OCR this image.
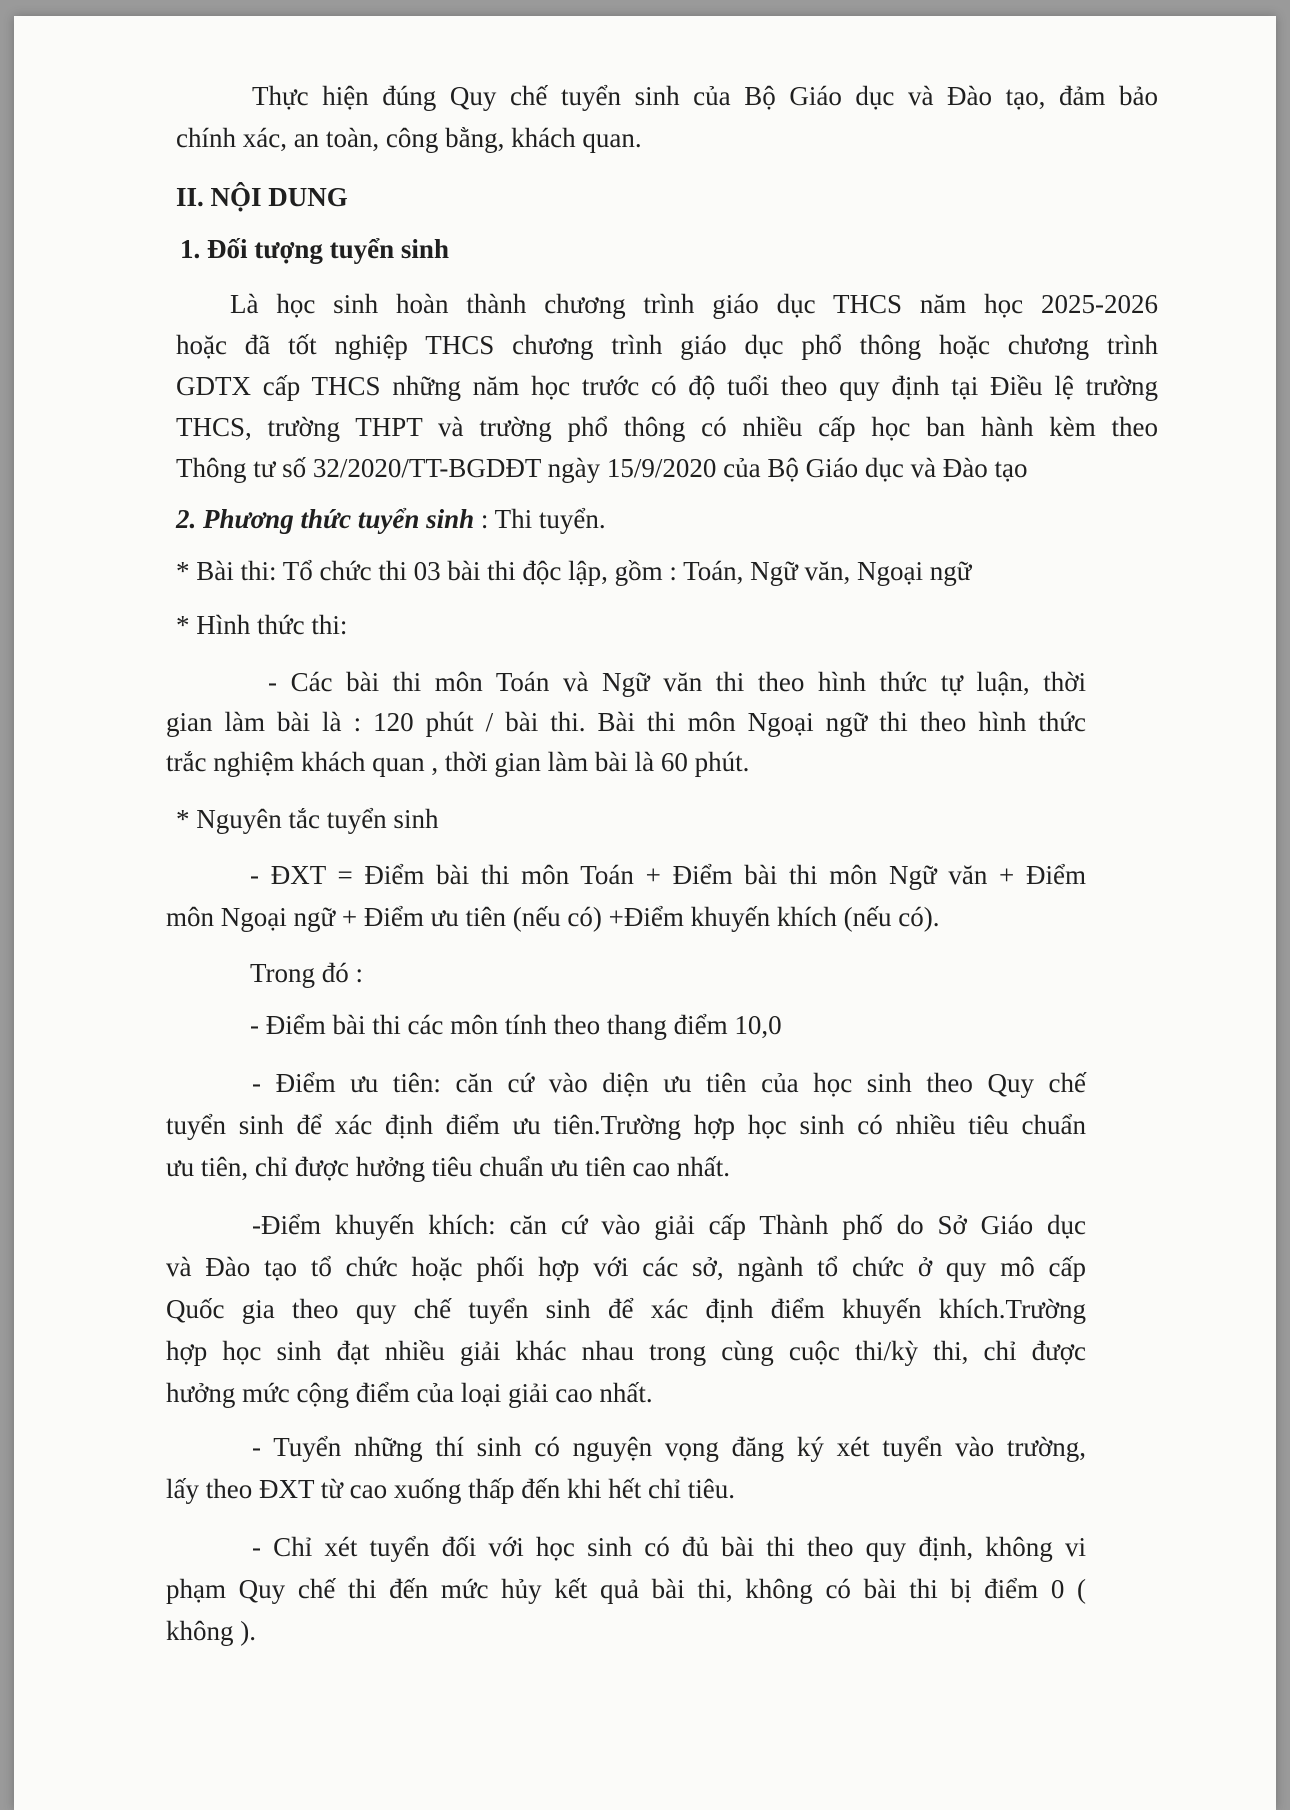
Thực hiện đúng Quy chế tuyển sinh của Bộ Giáo dục và Đào tạo, đảm bảo
chính xác, an toàn, công bằng, khách quan.
II. NỘI DUNG
1. Đối tượng tuyển sinh
Là học sinh hoàn thành chương trình giáo dục THCS năm học 2025-2026
hoặc đã tốt nghiệp THCS chương trình giáo dục phổ thông hoặc chương trình
GDTX cấp THCS những năm học trước có độ tuổi theo quy định tại Điều lệ trường
THCS, trường THPT và trường phổ thông có nhiều cấp học ban hành kèm theo
Thông tư số 32/2020/TT-BGDĐT ngày 15/9/2020 của Bộ Giáo dục và Đào tạo
2. Phương thức tuyển sinh : Thi tuyển.
* Bài thi: Tổ chức thi 03 bài thi độc lập, gồm : Toán, Ngữ văn, Ngoại ngữ
* Hình thức thi:
- Các bài thi môn Toán và Ngữ văn thi theo hình thức tự luận, thời
gian làm bài là : 120 phút / bài thi. Bài thi môn Ngoại ngữ thi theo hình thức
trắc nghiệm khách quan , thời gian làm bài là 60 phút.
* Nguyên tắc tuyển sinh
- ĐXT = Điểm bài thi môn Toán + Điểm bài thi môn Ngữ văn + Điểm
môn Ngoại ngữ + Điểm ưu tiên (nếu có) +Điểm khuyến khích (nếu có).
Trong đó :
- Điểm bài thi các môn tính theo thang điểm 10,0
- Điểm ưu tiên: căn cứ vào diện ưu tiên của học sinh theo Quy chế
tuyển sinh để xác định điểm ưu tiên.Trường hợp học sinh có nhiều tiêu chuẩn
ưu tiên, chỉ được hưởng tiêu chuẩn ưu tiên cao nhất.
-Điểm khuyến khích: căn cứ vào giải cấp Thành phố do Sở Giáo dục
và Đào tạo tổ chức hoặc phối hợp với các sở, ngành tổ chức ở quy mô cấp
Quốc gia theo quy chế tuyển sinh để xác định điểm khuyến khích.Trường
hợp học sinh đạt nhiều giải khác nhau trong cùng cuộc thi/kỳ thi, chỉ được
hưởng mức cộng điểm của loại giải cao nhất.
- Tuyển những thí sinh có nguyện vọng đăng ký xét tuyển vào trường,
lấy theo ĐXT từ cao xuống thấp đến khi hết chỉ tiêu.
- Chỉ xét tuyển đối với học sinh có đủ bài thi theo quy định, không vi
phạm Quy chế thi đến mức hủy kết quả bài thi, không có bài thi bị điểm 0 (
không ).
